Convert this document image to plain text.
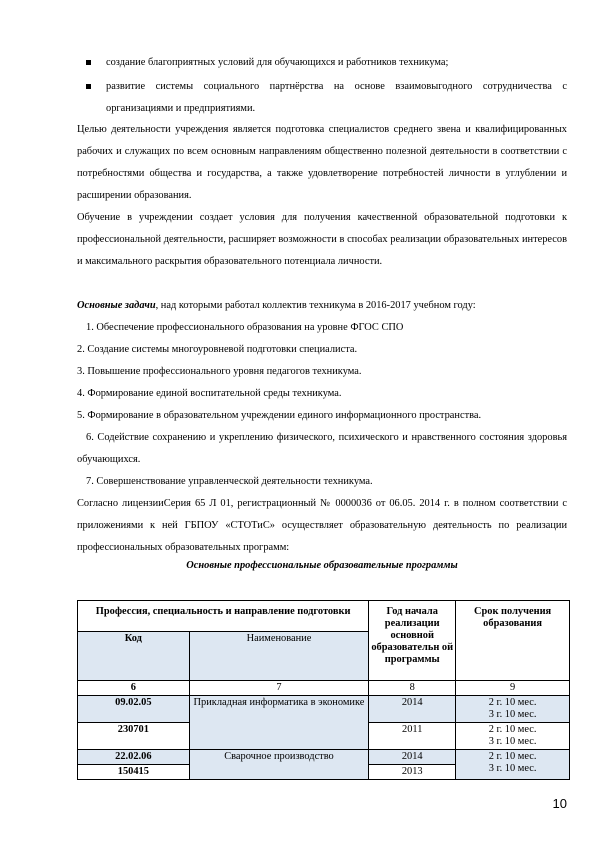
создание благоприятных условий для обучающихся и работников техникума;
развитие системы социального партнёрства на основе взаимовыгодного сотрудничества с организациями и предприятиями.
Целью деятельности учреждения является подготовка специалистов среднего звена и квалифицированных рабочих и служащих по всем основным направлениям общественно полезной деятельности в соответствии с потребностями общества и государства, а также удовлетворение потребностей личности в углублении и расширении образования.
Обучение в учреждении создает условия для получения качественной образовательной подготовки к профессиональной деятельности, расширяет возможности в способах реализации образовательных интересов и максимального раскрытия образовательного потенциала личности.
Основные задачи, над которыми работал коллектив техникума в 2016-2017 учебном году:
1. Обеспечение профессионального образования на уровне ФГОС СПО
2. Создание системы многоуровневой подготовки специалиста.
3. Повышение профессионального уровня педагогов техникума.
4. Формирование единой воспитательной среды техникума.
5. Формирование в образовательном учреждении единого информационного пространства.
6. Содействие сохранению и укреплению физического, психического и нравственного состояния здоровья обучающихся.
7. Совершенствование управленческой деятельности техникума.
Согласно лицензииСерия 65 Л 01, регистрационный № 0000036 от 06.05. 2014 г. в полном соответствии с приложениями к ней ГБПОУ «СТОТиС» осуществляет образовательную деятельность по реализации профессиональных образовательных программ:
Основные профессиональные образовательные программы
Профессия, специальность и направление подготовки		Год начала реализации основной образовательн ой программы	Срок получения образования
Код	Наименование		
6	7	8	9
09.02.05	Прикладная информатика в экономике	2014	2 г. 10 мес.
3 г. 10 мес.

230701		2011	2 г. 10 мес.
3 г. 10 мес.

22.02.06	Сварочное производство	2014	2 г. 10 мес.
3 г. 10 мес.

150415		2013	
10
